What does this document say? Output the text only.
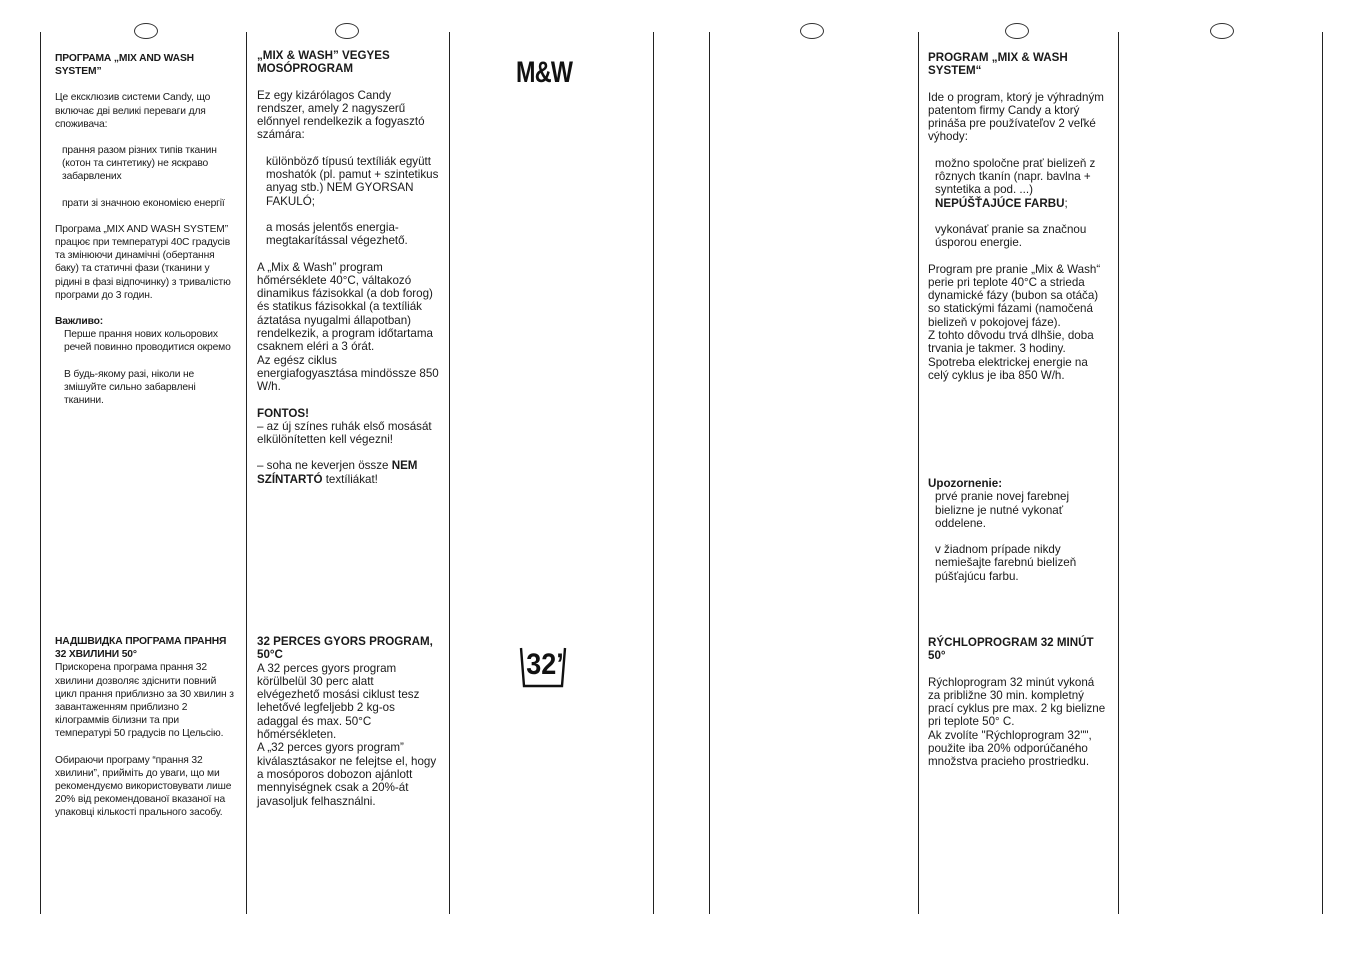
ПРОГРАМА „MIX AND WASH SYSTEM”

Це ексклюзив системи Candy, що включає дві великі переваги для споживача:

прання разом різних типів тканин (котон та синтетику) не яскраво забарвлених

прати зі значною економією енергії

Програма „MIX AND WASH SYSTEM” працює при температурі 40С градусів та змінюючи динамічні (обертання баку) та статичні фази (тканини у рідині в фазі відпочинку) з тривалістю програми до 3 годин.

Важливо:

Перше прання нових кольорових речей повинно проводитися окремо

В будь-якому разі, ніколи не змішуйте сильно забарвлені тканини.

НАДШВИДКА ПРОГРАМА ПРАННЯ 32 ХВИЛИНИ 50°

Прискорена програма прання 32 хвилини дозволяє здіснити повний цикл прання приблизно за 30 хвилин з завантаженням приблизно 2 кілограммів білизни та при температурі 50 градусів по Цельсію.

Обираючи програму “прання 32 хвилини”, прийміть до уваги, що ми рекомендуємо використовувати лише 20% від рекомендованої вказаної на упаковці кількості прального засобу.

„MIX & WASH” VEGYES MOSÓPROGRAM

Ez egy kizárólagos Candy rendszer, amely 2 nagyszerű előnnyel rendelkezik a fogyasztó számára:

különböző típusú textíliák együtt moshatók (pl. pamut + szintetikus anyag stb.) NEM GYORSAN FAKULÓ;

a mosás jelentős energia-megtakarítással végezhető.

A „Mix & Wash” program hőmérséklete 40°C, váltakozó dinamikus fázisokkal (a dob forog) és statikus fázisokkal (a textíliák áztatása nyugalmi állapotban) rendelkezik, a program időtartama csaknem eléri a 3 órát.

Az egész ciklus energiafogyasztása mindössze 850 W/h.

FONTOS!

– az új színes ruhák első mosását elkülönítetten kell végezni!

– soha ne keverjen össze NEM SZÍNTARTÓ textíliákat!

32 PERCES GYORS PROGRAM, 50°C

A 32 perces gyors program körülbelül 30 perc alatt elvégezhető mosási ciklust tesz lehetővé legfeljebb 2 kg-os adaggal és max. 50°C hőmérsékleten.

A „32 perces gyors program” kiválasztásakor ne felejtse el, hogy a mosóporos dobozon ajánlott mennyiségnek csak a 20%-át javasoljuk felhasználni.

M&W
32’

PROGRAM „MIX & WASH SYSTEM“

Ide o program, ktorý je výhradným patentom firmy Candy a ktorý prináša pre používateľov 2 veľké výhody:

možno spoločne prať bielizeň z rôznych tkanín (napr. bavlna + syntetika a pod. ...) NEPÚŠŤAJÚCE FARBU;

vykonávať pranie sa značnou úsporou energie.

Program pre pranie „Mix & Wash“ perie pri teplote 40°C a strieda dynamické fázy (bubon sa otáča) so statickými fázami (namočená bielizeň v pokojovej fáze).

Z tohto dôvodu trvá dlhšie, doba trvania je takmer. 3 hodiny.

Spotreba elektrickej energie na celý cyklus je iba 850 W/h.

Upozornenie:

prvé pranie novej farebnej bielizne je nutné vykonať oddelene.

v žiadnom prípade nikdy nemiešajte farebnú bielizeň púšťajúcu farbu.

RÝCHLOPROGRAM 32 MINÚT 50°

Rýchloprogram 32 minút vykoná za približne 30 min. kompletný prací cyklus pre max. 2 kg bielizne pri teplote 50° C.

Ak zvolíte "Rýchloprogram 32"", použite iba 20% odporúčaného množstva pracieho prostriedku.
